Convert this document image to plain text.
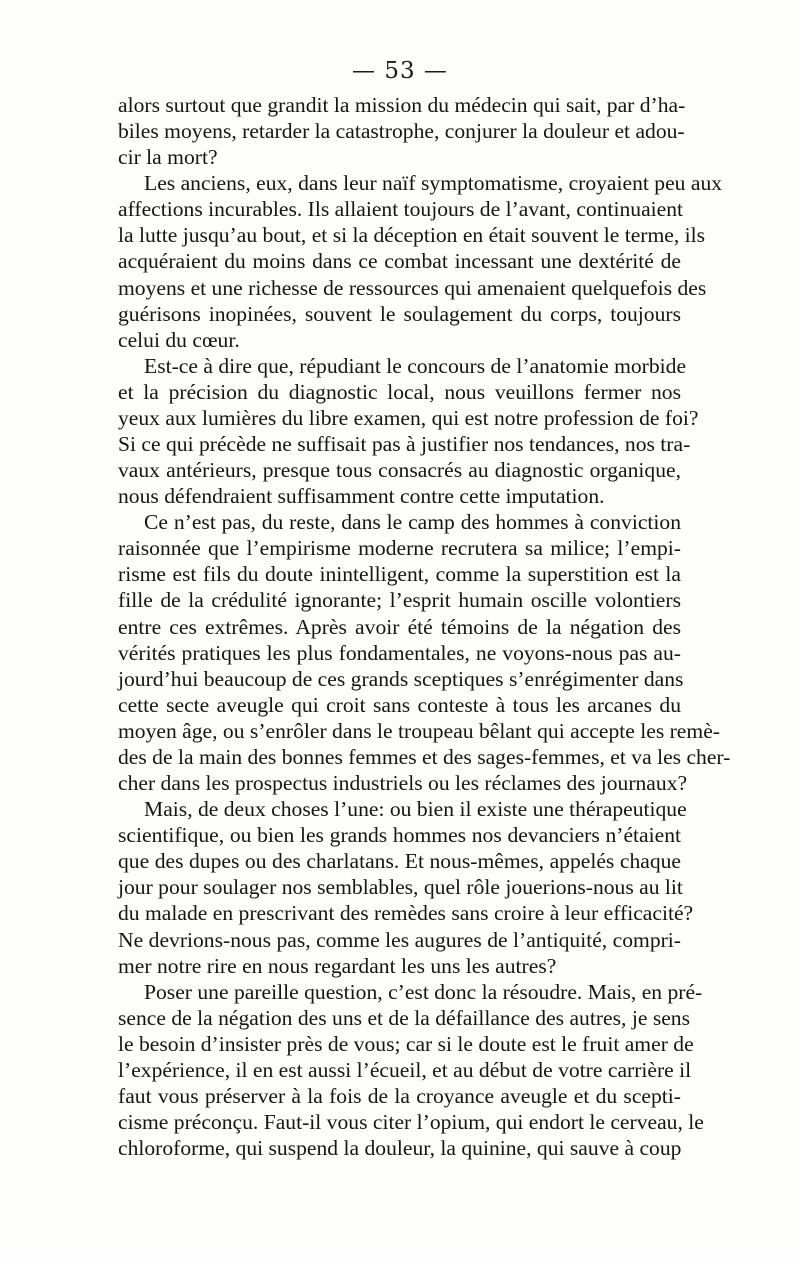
— 53 —
alors surtout que grandit la mission du médecin qui sait, par d’ha-
biles moyens, retarder la catastrophe, conjurer la douleur et adou-
cir la mort?
Les anciens, eux, dans leur naïf symptomatisme, croyaient peu aux
affections incurables. Ils allaient toujours de l’avant, continuaient
la lutte jusqu’au bout, et si la déception en était souvent le terme, ils
acquéraient du moins dans ce combat incessant une dextérité de
moyens et une richesse de ressources qui amenaient quelquefois des
guérisons inopinées, souvent le soulagement du corps, toujours
celui du cœur.
Est-ce à dire que, répudiant le concours de l’anatomie morbide
et la précision du diagnostic local, nous veuillons fermer nos
yeux aux lumières du libre examen, qui est notre profession de foi?
Si ce qui précède ne suffisait pas à justifier nos tendances, nos tra-
vaux antérieurs, presque tous consacrés au diagnostic organique,
nous défendraient suffisamment contre cette imputation.
Ce n’est pas, du reste, dans le camp des hommes à conviction
raisonnée que l’empirisme moderne recrutera sa milice; l’empi-
risme est fils du doute inintelligent, comme la superstition est la
fille de la crédulité ignorante; l’esprit humain oscille volontiers
entre ces extrêmes. Après avoir été témoins de la négation des
vérités pratiques les plus fondamentales, ne voyons-nous pas au-
jourd’hui beaucoup de ces grands sceptiques s’enrégimenter dans
cette secte aveugle qui croit sans conteste à tous les arcanes du
moyen âge, ou s’enrôler dans le troupeau bêlant qui accepte les remè-
des de la main des bonnes femmes et des sages-femmes, et va les cher-
cher dans les prospectus industriels ou les réclames des journaux?
Mais, de deux choses l’une: ou bien il existe une thérapeutique
scientifique, ou bien les grands hommes nos devanciers n’étaient
que des dupes ou des charlatans. Et nous-mêmes, appelés chaque
jour pour soulager nos semblables, quel rôle jouerions-nous au lit
du malade en prescrivant des remèdes sans croire à leur efficacité?
Ne devrions-nous pas, comme les augures de l’antiquité, compri-
mer notre rire en nous regardant les uns les autres?
Poser une pareille question, c’est donc la résoudre. Mais, en pré-
sence de la négation des uns et de la défaillance des autres, je sens
le besoin d’insister près de vous; car si le doute est le fruit amer de
l’expérience, il en est aussi l’écueil, et au début de votre carrière il
faut vous préserver à la fois de la croyance aveugle et du scepti-
cisme préconçu. Faut-il vous citer l’opium, qui endort le cerveau, le
chloroforme, qui suspend la douleur, la quinine, qui sauve à coup
